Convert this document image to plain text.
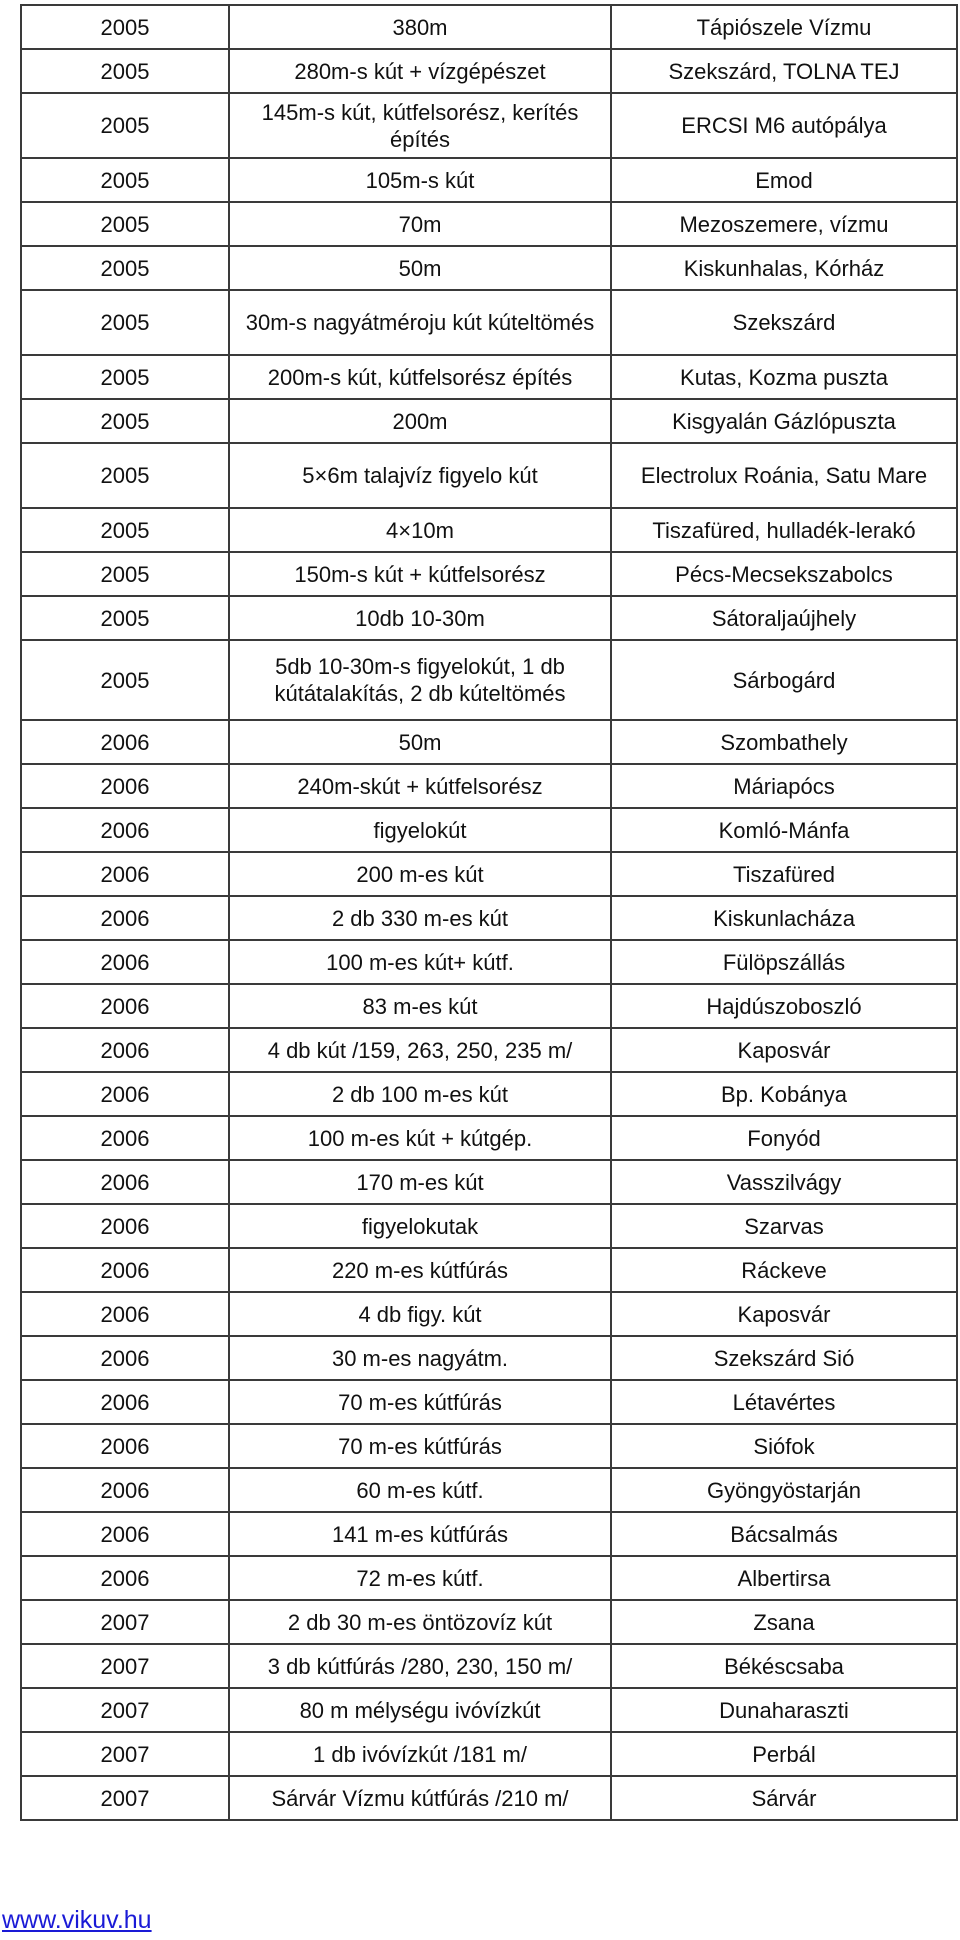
2005	380m	Tápiószele Vízmu
2005	280m-s kút + vízgépészet	Szekszárd, TOLNA TEJ
2005	145m-s kút, kútfelsorész, kerítés építés	ERCSI M6 autópálya
2005	105m-s kút	Emod
2005	70m	Mezoszemere, vízmu
2005	50m	Kiskunhalas, Kórház
2005	30m-s nagyátméroju kút kúteltömés	Szekszárd
2005	200m-s kút, kútfelsorész építés	Kutas, Kozma puszta
2005	200m	Kisgyalán Gázlópuszta
2005	5×6m talajvíz figyelo kút	Electrolux Roánia, Satu Mare
2005	4×10m	Tiszafüred, hulladék-lerakó
2005	150m-s kút + kútfelsorész	Pécs-Mecsekszabolcs
2005	10db 10-30m	Sátoraljaújhely
2005	5db 10-30m-s figyelokút, 1 db kútátalakítás, 2 db kúteltömés	Sárbogárd
2006	50m	Szombathely
2006	240m-skút + kútfelsorész	Máriapócs
2006	figyelokút	Komló-Mánfa
2006	200 m-es kút	Tiszafüred
2006	2 db 330 m-es kút	Kiskunlacháza
2006	100 m-es kút+ kútf.	Fülöpszállás
2006	83 m-es kút	Hajdúszoboszló
2006	4 db kút /159, 263, 250, 235 m/	Kaposvár
2006	2 db 100 m-es kút	Bp. Kobánya
2006	100 m-es kút + kútgép.	Fonyód
2006	170 m-es kút	Vasszilvágy
2006	figyelokutak	Szarvas
2006	220 m-es kútfúrás	Ráckeve
2006	4 db figy. kút	Kaposvár
2006	30 m-es nagyátm.	Szekszárd Sió
2006	70 m-es kútfúrás	Létavértes
2006	70 m-es kútfúrás	Siófok
2006	60 m-es kútf.	Gyöngyöstarján
2006	141 m-es kútfúrás	Bácsalmás
2006	72 m-es kútf.	Albertirsa
2007	2 db 30 m-es öntözovíz kút	Zsana
2007	3 db kútfúrás /280, 230, 150 m/	Békéscsaba
2007	80 m mélységu ivóvízkút	Dunaharaszti
2007	1 db ivóvízkút /181 m/	Perbál
2007	Sárvár Vízmu kútfúrás /210 m/	Sárvár
www.vikuv.hu
